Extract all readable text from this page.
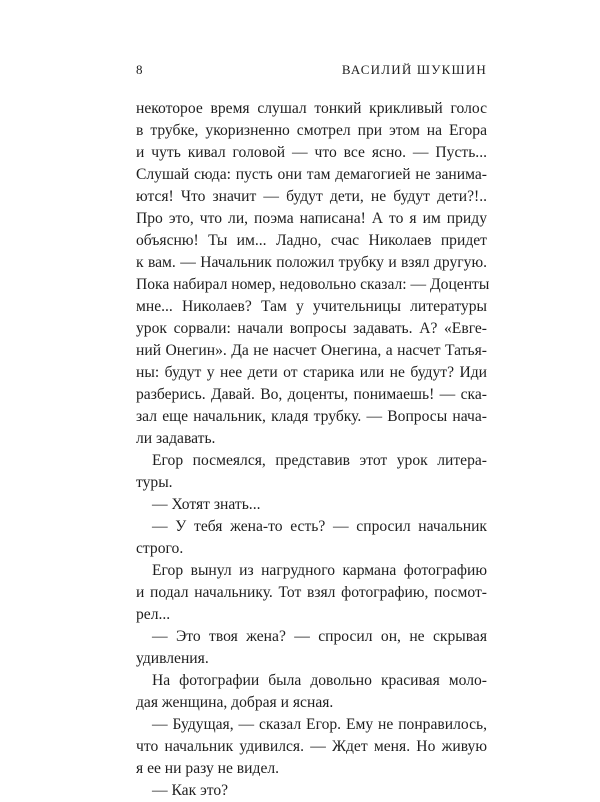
8	ВАСИЛИЙ ШУКШИН
некоторое время слушал тонкий крикливый голос
в трубке, укоризненно смотрел при этом на Егора
и чуть кивал головой — что все ясно. — Пусть...
Слушай сюда: пусть они там демагогией не занима-
ются! Что значит — будут дети, не будут дети?!..
Про это, что ли, поэма написана! А то я им приду
объясню! Ты им... Ладно, счас Николаев придет
к вам. — Начальник положил трубку и взял другую.
Пока набирал номер, недовольно сказал: — Доценты
мне... Николаев? Там у учительницы литературы
урок сорвали: начали вопросы задавать. А? «Евге-
ний Онегин». Да не насчет Онегина, а насчет Татья-
ны: будут у нее дети от старика или не будут? Иди
разберись. Давай. Во, доценты, понимаешь! — ска-
зал еще начальник, кладя трубку. — Вопросы нача-
ли задавать.
Егор посмеялся, представив этот урок литера-
туры.
— Хотят знать...
— У тебя жена-то есть? — спросил начальник
строго.
Егор вынул из нагрудного кармана фотографию
и подал начальнику. Тот взял фотографию, посмот-
рел...
— Это твоя жена? — спросил он, не скрывая
удивления.
На фотографии была довольно красивая моло-
дая женщина, добрая и ясная.
— Будущая, — сказал Егор. Ему не понравилось,
что начальник удивился. — Ждет меня. Но живую
я ее ни разу не видел.
— Как это?
